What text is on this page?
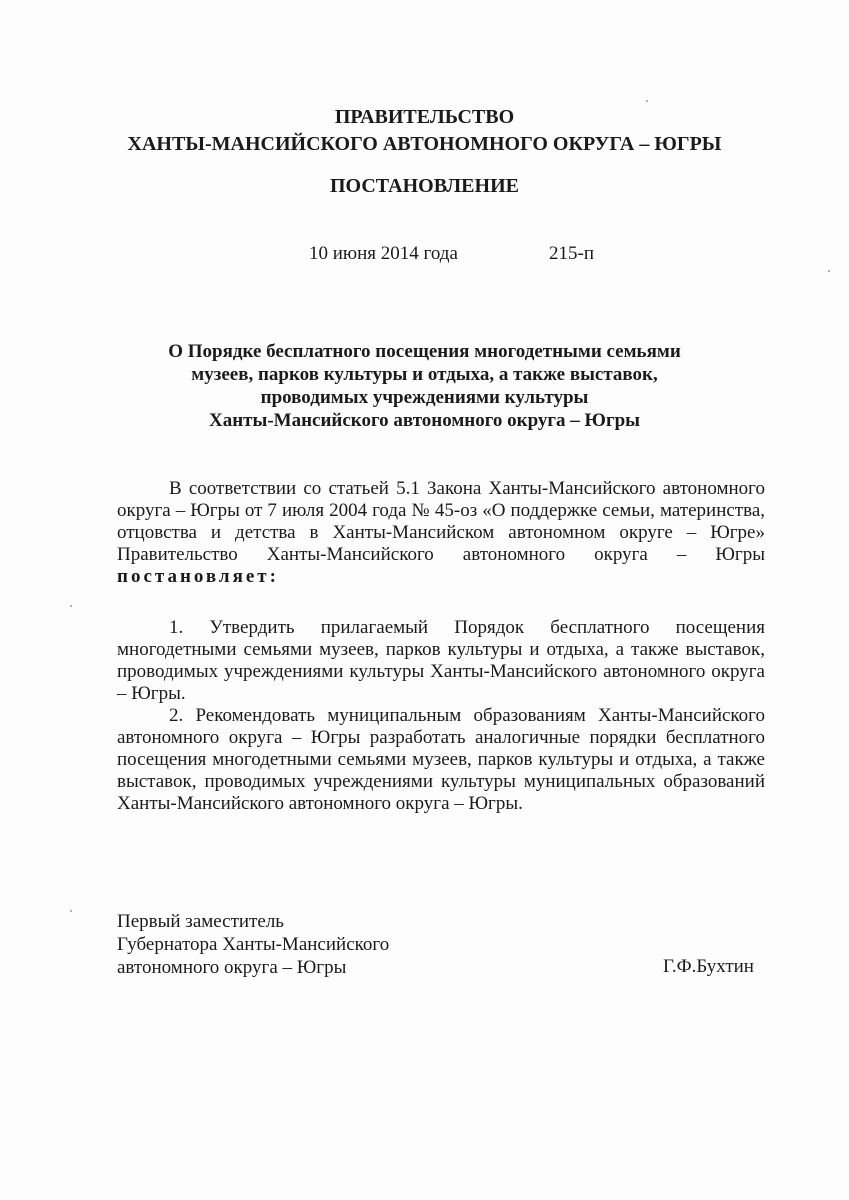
ПРАВИТЕЛЬСТВО
ХАНТЫ-МАНСИЙСКОГО АВТОНОМНОГО ОКРУГА – ЮГРЫ
ПОСТАНОВЛЕНИЕ
10 июня 2014 года	215-п
О Порядке бесплатного посещения многодетными семьями
музеев, парков культуры и отдыха, а также выставок,
проводимых учреждениями культуры
Ханты-Мансийского автономного округа – Югры
В соответствии со статьей 5.1 Закона Ханты-Мансийского автономного округа – Югры от 7 июля 2004 года № 45-оз «О поддержке семьи, материнства, отцовства и детства в Ханты-Мансийском автономном округе – Югре» Правительство Ханты-Мансийского автономного округа – Югры постановляет:

1. Утвердить прилагаемый Порядок бесплатного посещения многодетными семьями музеев, парков культуры и отдыха, а также выставок, проводимых учреждениями культуры Ханты-Мансийского автономного округа – Югры.

2. Рекомендовать муниципальным образованиям Ханты-Мансийского автономного округа – Югры разработать аналогичные порядки бесплатного посещения многодетными семьями музеев, парков культуры и отдыха, а также выставок, проводимых учреждениями культуры муниципальных образований Ханты-Мансийского автономного округа – Югры.

Первый заместитель
Губернатора Ханты-Мансийского
автономного округа – Югры	Г.Ф.Бухтин
